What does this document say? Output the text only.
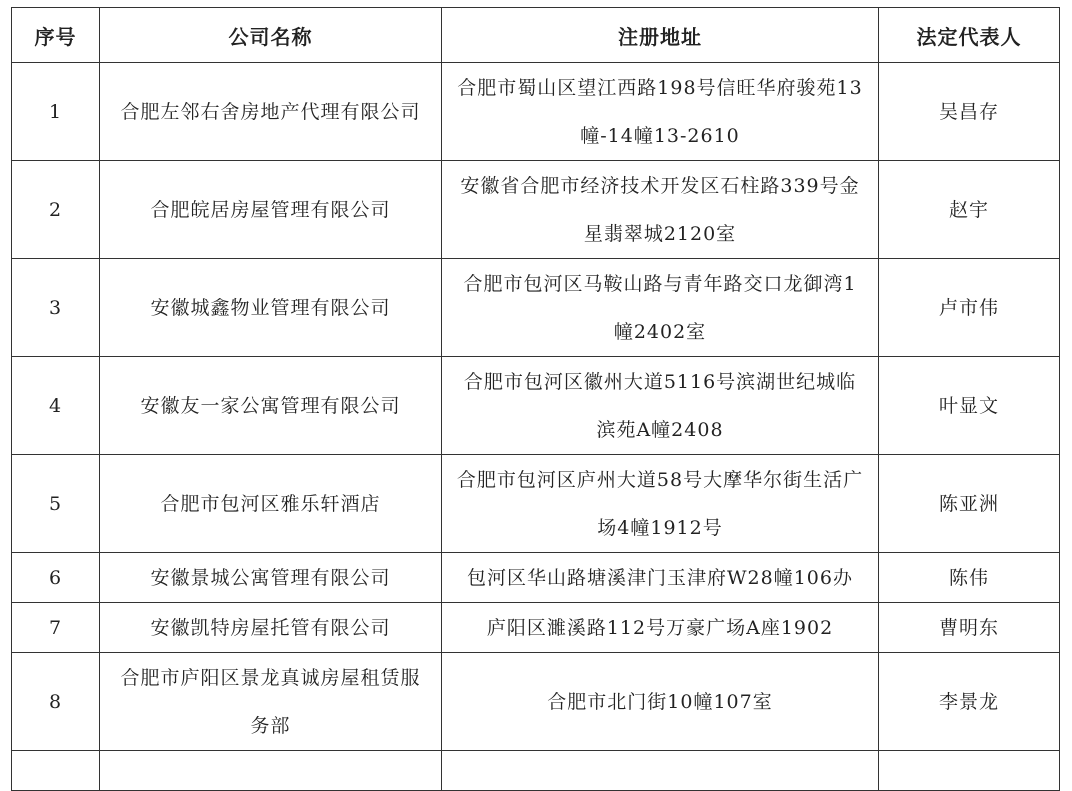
序号	公司名称	注册地址	法定代表人
1	合肥左邻右舍房地产代理有限公司	合肥市蜀山区望江西路198号信旺华府骏苑13幢-14幢13-2610	吴昌存
2	合肥皖居房屋管理有限公司	安徽省合肥市经济技术开发区石柱路339号金星翡翠城2120室	赵宇
3	安徽城鑫物业管理有限公司	合肥市包河区马鞍山路与青年路交口龙御湾1幢2402室	卢市伟
4	安徽友一家公寓管理有限公司	合肥市包河区徽州大道5116号滨湖世纪城临滨苑A幢2408	叶显文
5	合肥市包河区雅乐轩酒店	合肥市包河区庐州大道58号大摩华尔街生活广场4幢1912号	陈亚洲
6	安徽景城公寓管理有限公司	包河区华山路塘溪津门玉津府W28幢106办	陈伟
7	安徽凯特房屋托管有限公司	庐阳区濉溪路112号万豪广场A座1902	曹明东
8	合肥市庐阳区景龙真诚房屋租赁服务部	合肥市北门街10幢107室	李景龙
